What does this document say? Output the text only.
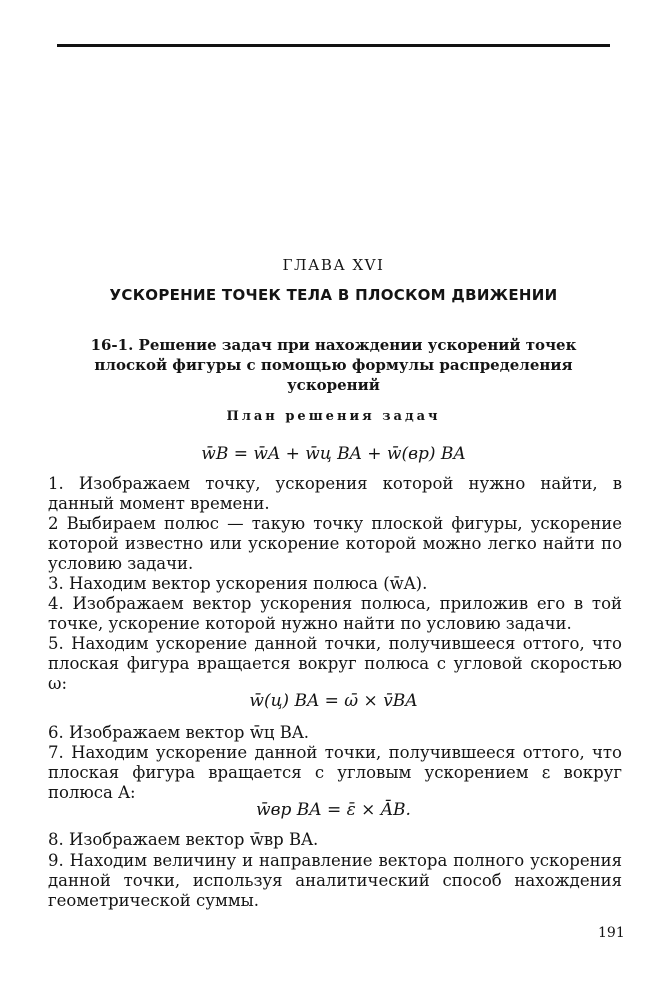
ГЛАВА XVI
УСКОРЕНИЕ ТОЧЕК ТЕЛА В ПЛОСКОМ ДВИЖЕНИИ
16-1. Решение задач при нахождении ускорений точек плоской фигуры с помощью формулы распределения ускорений
План решения задач
w̄B = w̄A + w̄ц BA + w̄(вр) BA
1. Изображаем точку, ускорения которой нужно найти, в данный момент времени.
2 Выбираем полюс — такую точку плоской фигуры, ускорение которой известно или ускорение которой можно легко найти по условию задачи.
3. Находим вектор ускорения полюса (w̄A).
4. Изображаем вектор ускорения полюса, приложив его в той точке, ускорение которой нужно найти по условию задачи.
5. Находим ускорение данной точки, получившееся оттого, что плоская фигура вращается вокруг полюса с угловой скоростью ω:
w̄(ц) BA = ω̄ × v̄BA
6. Изображаем вектор w̄ц BA.
7. Находим ускорение данной точки, получившееся оттого, что плоская фигура вращается с угловым ускорением ε вокруг полюса A:
w̄вр BA = ε̄ × ĀB.
8. Изображаем вектор w̄вр BA.
9. Находим величину и направление вектора полного ускорения данной точки, используя аналитический способ нахождения геометрической суммы.
191
